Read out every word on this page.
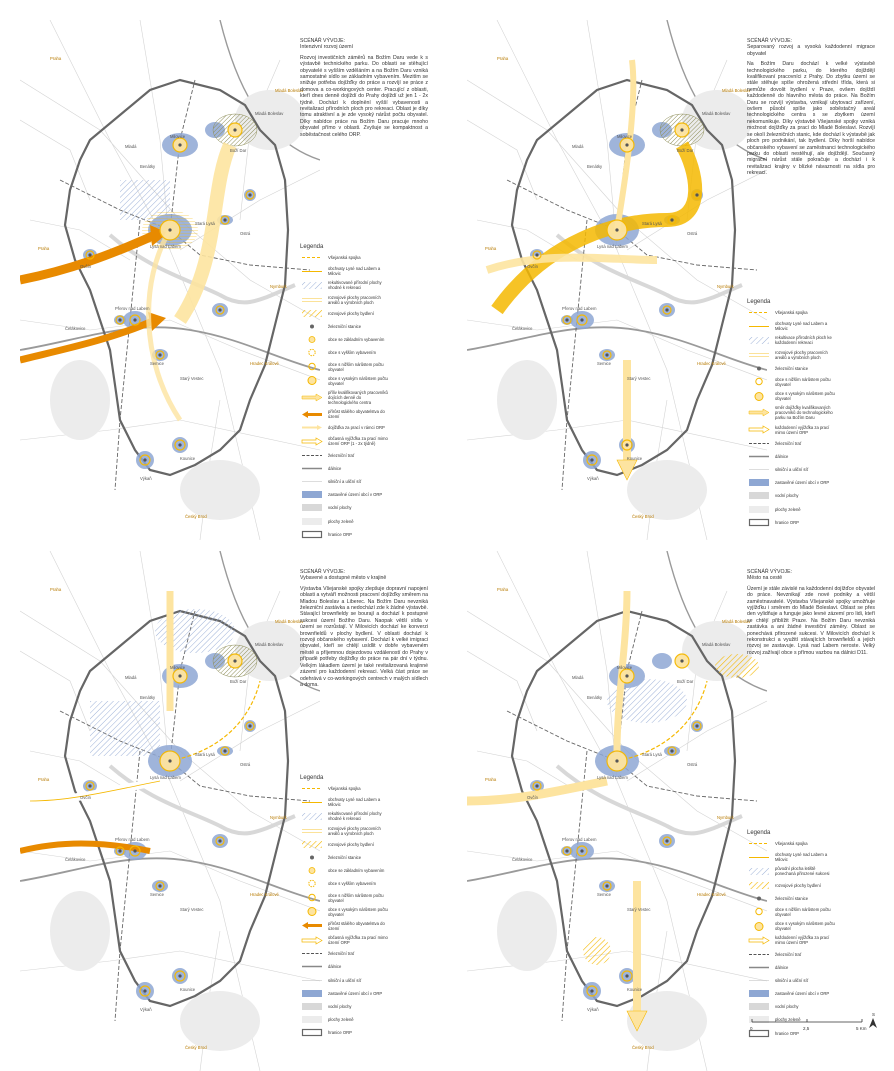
Milovice
Mladá Boleslav
Boží Dar
Benátky
Stará Lysá
Lysá nad Labem
Ostrá
Přerov nad Labem
Semice
Starý Vestec
Výkaň
Kounice
Čelákovice
Ovčín
Mladá
Praha
Mladá Boleslav
Nymburk
Hradec Králové
Český Brod
Praha
SCÉNÁŘ VÝVOJE:
Intenzivní rozvoj území

Rozvoj investičních záměrů na Božím Daru vede k s výstavbě technického parku. Do oblasti se stěhující obyvatelé s vyšším vzděláním a na Božím Daru vzniká samostatné sídlo se základním vybavením. Mezitím se snižuje potřeba dojížďky do práce a rozvíjí se práce z domova a co-workingových center. Pracující z oblasti, kteří dnes denně dojíždí do Prahy dojíždí už jen 1 - 2x týdně. Dochází k doplnění vyšší vybavenosti a revitalizaci přírodních ploch pro rekreaci. Oblast je díky tomu atraktivní a je zde vysoký nárůst počtu obyvatel. Díky nabídce práce na Božím Daru pracuje mnoho obyvatel přímo v oblasti. Zvyšuje se kompaktnost a soběstačnost celého ORP.

Legenda
Všejanská spojka
obchvaty Lysé nad Labem a Milovic
rekultivované přírodní plochy vhodné k rekreaci
rozvojové plochy pracovních areálů a výrobních ploch
rozvojové plochy bydlení
železniční stanice
obce se základním vybavením
obce s vyšším vybavením
obce s nižším nárůstem počtu obyvatel
obce s vysokým nárůstem počtu obyvatel
příliv kvalifikovaných pracovníků dojících denně do technologického centra
přírůst stálého obyvatelstva do území
dojížďka za prací v rámci ORP
občasná vyjížďka za prací mimo území ORP (1 - 2x týdně)
železniční trať
dálnice
silniční a uliční síť
zastavěné území obcí v ORP
vodní plochy
plochy zeleně
hranice ORP
Milovice
Mladá Boleslav
Boží Dar
Benátky
Stará Lysá
Lysá nad Labem
Ostrá
Přerov nad Labem
Semice
Starý Vestec
Výkaň
Kounice
Čelákovice
Ovčín
Mladá
Praha
Mladá Boleslav
Nymburk
Hradec Králové
Český Brod
Praha
SCÉNÁŘ VÝVOJE:
Separovaný rozvoj a vysoká každodenní migrace obyvatel

Na Božím Daru dochází k velké výstavbě technologického parku, do kterého dojíždějí kvalifikovaní pracovníci z Prahy. Do zbytku území se stále stěhuje spíše ohrožená střední třída, která si nemůže dovolit bydlení v Praze, ovšem dojíždí každodenně do hlavního města do práce. Na Božím Daru se rozvíjí výstavba, vznikají ubytovací zařízení, ovšem působí spíše jako soběstačný areál technologického centra s se zbytkem území nekomunikuje. Díky výstavbě Všejanské spojky vzniká možnost dojížďky za prací do Mladé Boleslavi. Rozvíjí se okolí železničních stanic, kde dochází k výstavbě jak ploch pro podnikání, tak bydlení. Díky horší nabídce občanského vybavení se zaměstnanci technologického parku do oblasti nestěhují, ale dojíždějí. Současný migrační nárůst stále pokračuje a dochází i k revitalizaci krajiny v blízké návaznosti na sídla pro rekreaci.

Legenda
Všejanská spojka
obchvaty Lysé nad Labem a Milovic
rekultivace přírodních ploch ke každodenní rekreaci
rozvojové plochy pracovních areálů a výrobních ploch
železniční stanice
obce s nižším nárůstem počtu obyvatel
obce s vysokým nárůstem počtu obyvatel
směr dojížďky kvalifikovaných pracovníků do technologického parku na Božím Daru
každodenní vyjížďka za prací mimo území ORP
železniční trať
dálnice
silniční a uliční síť
zastavěné území obcí v ORP
vodní plochy
plochy zeleně
hranice ORP
Milovice
Mladá Boleslav
Boží Dar
Benátky
Stará Lysá
Lysá nad Labem
Ostrá
Přerov nad Labem
Semice
Starý Vestec
Výkaň
Kounice
Čelákovice
Ovčín
Mladá
Praha
Mladá Boleslav
Nymburk
Hradec Králové
Český Brod
Praha
SCÉNÁŘ VÝVOJE:
Vybavené a dostupné město v krajině

Výstavba Všejanské spojky zlepšuje dopravní napojení oblasti a vytváří možnosti pracovní dojížďky směrem na Mladou Boleslav a Liberec. Na Božím Daru nevzniká železniční zastávka a nedochází zde k žádné výstavbě. Stávající brownfieldy se bourají a dochází k postupné sukcesi území Božího Daru. Naopak větší sídla v území se rozrůstají. V Milovicích dochází ke konverzi brownfieldů v plochy bydlení. V oblasti dochází k rozvoji občanského vybavení. Dochází k velké imigraci obyvatel, kteří se chtějí usídlit v dobře vybaveném městě a příjemnou dojezdovou vzdáleností do Prahy v případě potřeby dojížďky do práce na pár dní v týdnu. Velkým lákadlem území je také revitalizovaná krajinné zázemí pro každodenní rekreaci. Velká část práce se odehrává v co-workingových centrech v malých sídlech a doma.

Legenda
Všejanská spojka
obchvaty Lysé nad Labem a Milovic
rekultivované přírodní plochy vhodné k rekreaci
rozvojové plochy pracovních areálů a výrobních ploch
rozvojové plochy bydlení
železniční stanice
obce se základním vybavením
obce s vyšším vybavením
obce s nižším nárůstem počtu obyvatel
obce s vysokým nárůstem počtu obyvatel
přírůst stálého obyvatelstva do území
občasná vyjížďka za prací mimo území ORP
železniční trať
dálnice
silniční a uliční síť
zastavěné území obcí v ORP
vodní plochy
plochy zeleně
hranice ORP
Milovice
Mladá Boleslav
Boží Dar
Benátky
Stará Lysá
Lysá nad Labem
Ostrá
Přerov nad Labem
Semice
Starý Vestec
Výkaň
Kounice
Čelákovice
Ovčín
Mladá
Praha
Mladá Boleslav
Nymburk
Hradec Králové
Český Brod
Praha
SCÉNÁŘ VÝVOJE:
Město na cestě

Území je stále závislé na každodenní dojížďce obyvatel do práce. Nevznikají zde nové podniky a větší zaměstnavatelé. Výstavba Všejanské spojky umožňuje vyjížďku i směrem do Mladé Boleslavi. Oblast se přes den vylidňuje a funguje jako levné zázemí pro lidi, kteří se chtějí přiblížit Praze. Na Božím Daru nevzniká zastávka a ani žádné investiční záměry. Oblast se ponechává přirozené sukcesi. V Milovicích dochází k rekonstrukci a využití stávajících brownfieldů a jejich rozvoj se zastavuje. Lysá nad Labem nerostе. Velký rozvoj zažívají obce s přímou vazbou na dálnici D11.

Legenda
Všejanská spojka
obchvaty Lysé nad Labem a Milovic
původní plocha letiště ponechaná přirozené sukcesi
rozvojové plochy bydlení
železniční stanice
obce s nižším nárůstem počtu obyvatel
obce s vysokým nárůstem počtu obyvatel
každodenní vyjížďka za prací mimo území ORP
železniční trať
dálnice
silniční a uliční síť
zastavěné území obcí v ORP
vodní plochy
plochy zeleně
hranice ORP
0	2,5	5 Km
S
